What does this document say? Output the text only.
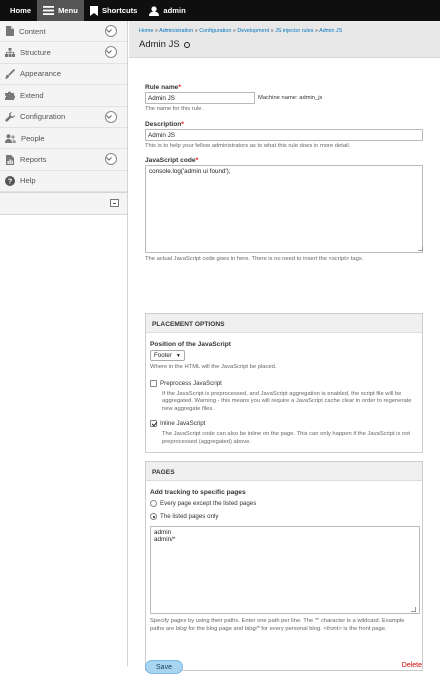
Home	Menu	Shortcuts	admin
Content
Structure
Appearance
Extend
Configuration
People
Reports
? Help
Home » Administration » Configuration » Development » JS injector rules » Admin JS
Admin JS
Rule name*
Admin JS
Machine name: admin_js
The name for this rule.
Description*
Admin JS
This is to help your fellow administrators as to what this rule does in more detail.
JavaScript code*
console.log('admin ui found');
The actual JavaScript code goes in here. There is no need to insert the <script> tags.
PLACEMENT OPTIONS
Position of the JavaScript
Footer ▼
Where in the HTML will the JavaScript be placed.
Preprocess JavaScript
If the JavaScript is preprocessed, and JavaScript aggregation is enabled, the script file will be aggregated. Warning - this means you will require a JavaScript cache clear in order to regenerate new aggregate files.
Inline JavaScript
The JavaScript code can also be inline on the page. This can only happen if the JavaScript is not preprocessed (aggregated) above.
PAGES
Add tracking to specific pages
Every page except the listed pages
The listed pages only
admin admin/*
Specify pages by using their paths. Enter one path per line. The '*' character is a wildcard. Example paths are blog for the blog page and blog/* for every personal blog. <front> is the front page.
Save	Delete
